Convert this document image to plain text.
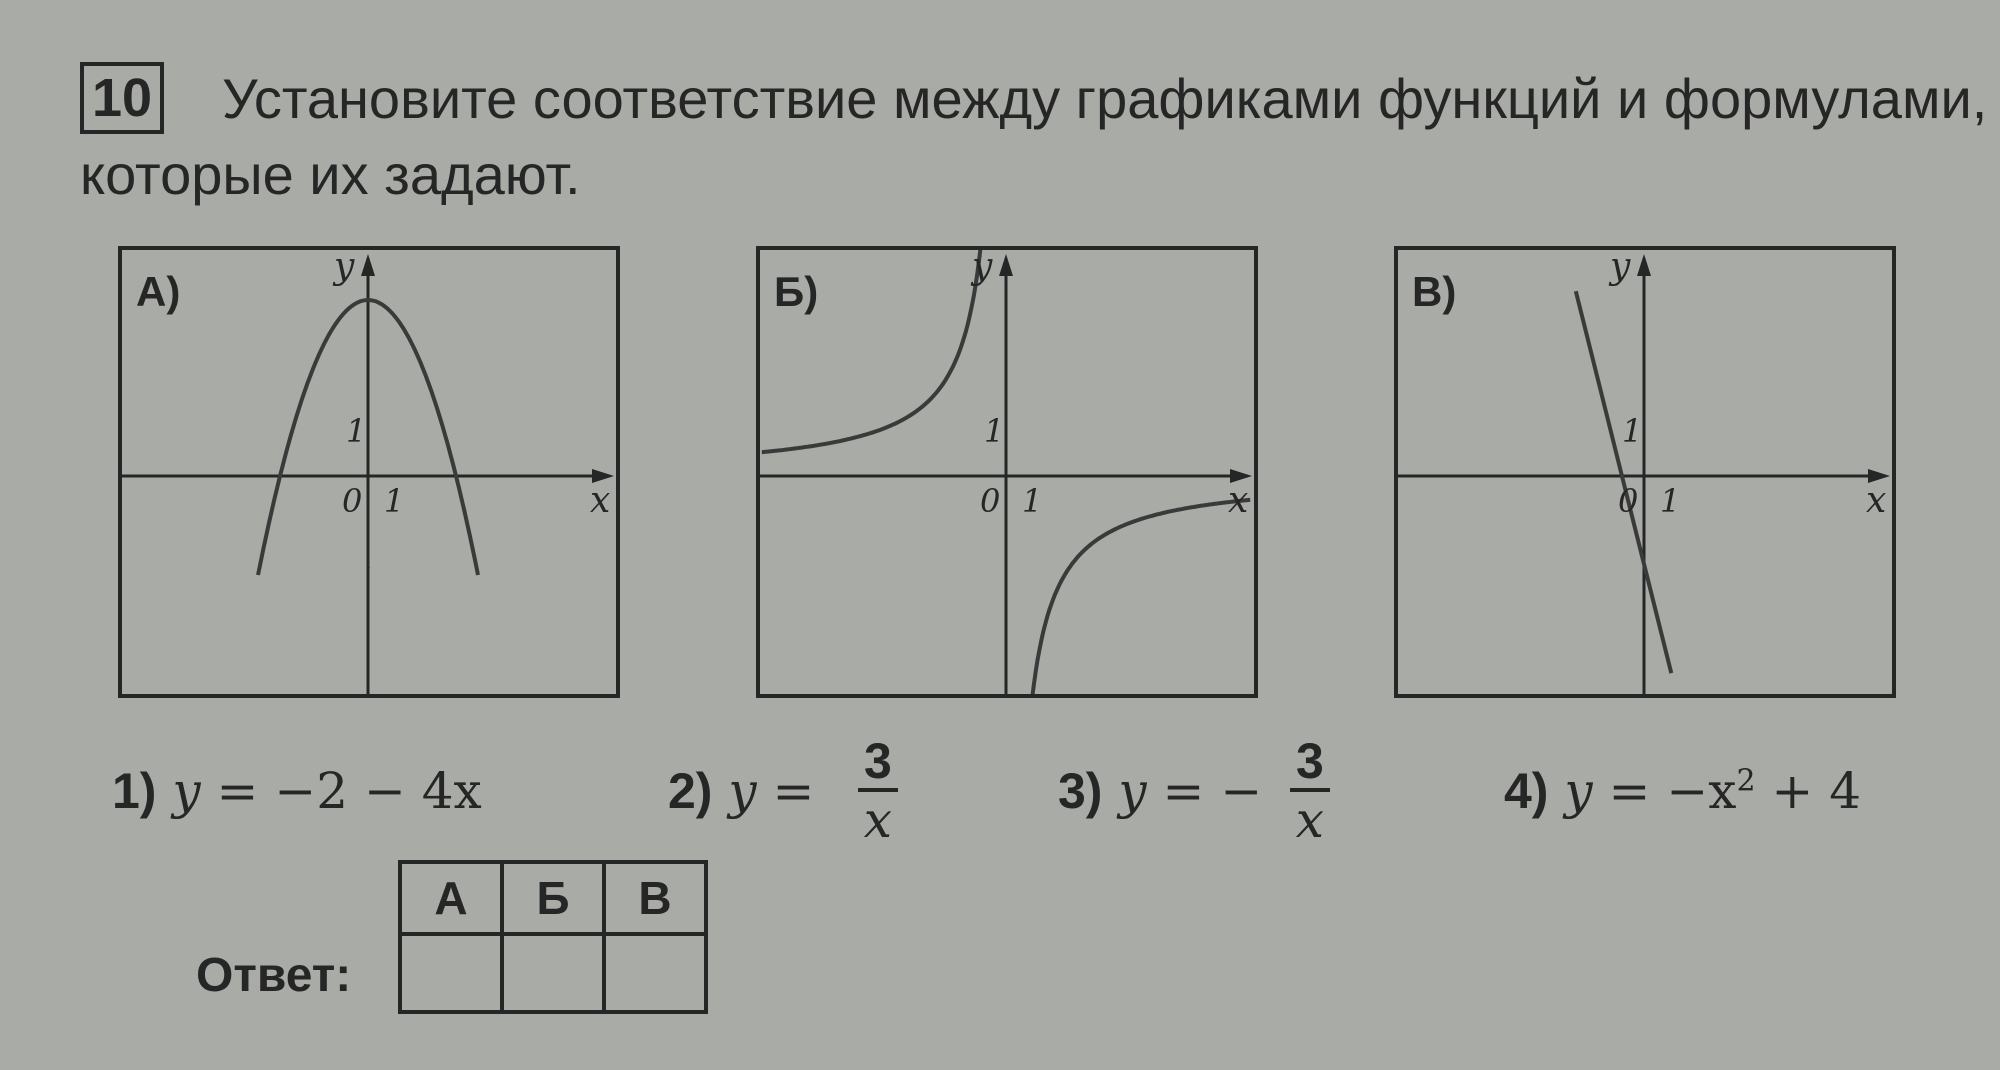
10 Установите соответствие между графиками функций и формулами,
которые их задают.
·
y
x
0 1
1
А)
y
x
0 1
1
Б)
y
x
0 1
1
В)
1) y = −2 − 4x	2) $y = \frac{3}{x}$	3) y = − $\frac{3}{x}$	4) $y = -x^2 + 4$
Ответ:
А	Б	В
